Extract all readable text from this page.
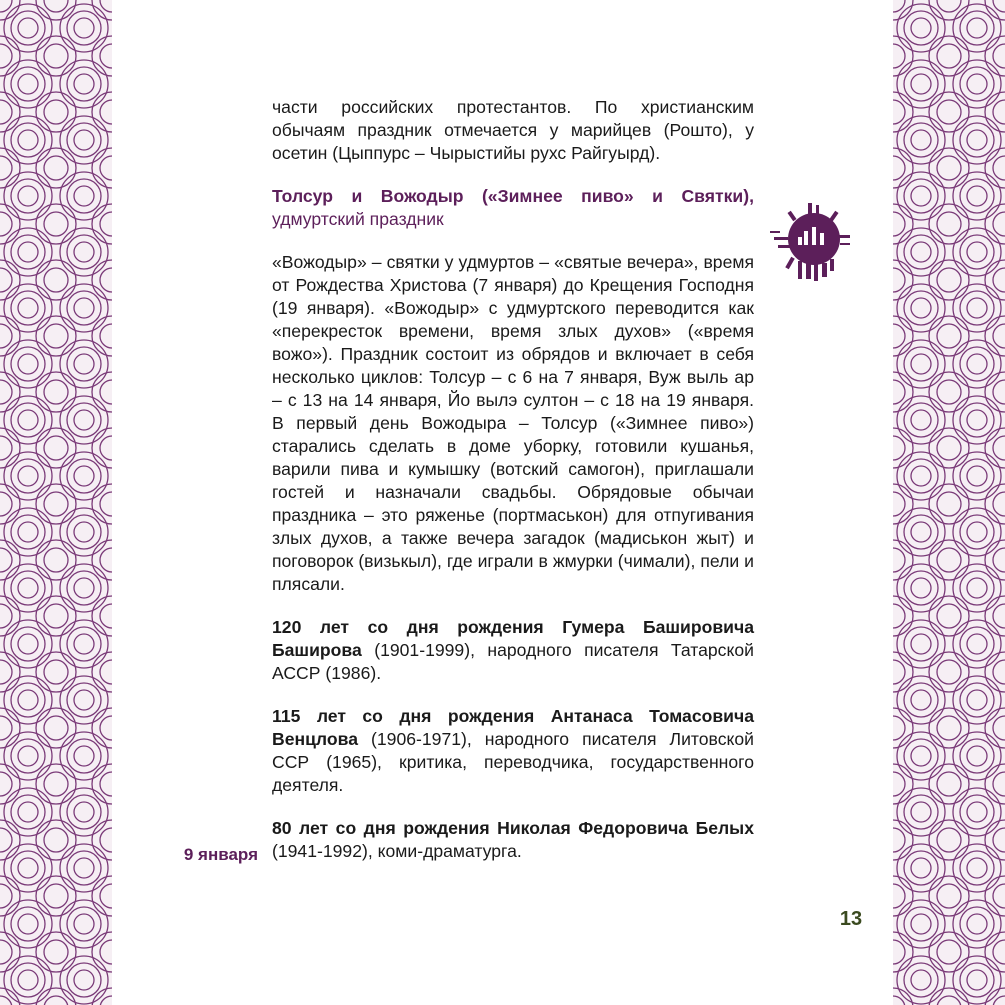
части российских протестантов. По христианским обычаям праздник отмечается у марийцев (Рошто), у осетин (Цыппурс – Чырыстийы рухс Райгуырд).

Толсур и Вожодыр («Зимнее пиво» и Святки), удмуртский праздник

«Вожодыр» – святки у удмуртов – «святые вечера», время от Рождества Христова (7 января) до Крещения Господня (19 января). «Вожодыр» с удмуртского переводится как «перекресток времени, время злых духов» («время вожо»). Праздник состоит из обрядов и включает в себя несколько циклов: Толсур – с 6 на 7 января, Вуж выль ар – с 13 на 14 января, Йо вылэ султон – с 18 на 19 января. В первый день Вожодыра – Толсур («Зимнее пиво») старались сделать в доме уборку, готовили кушанья, варили пива и кумышку (вотский самогон), приглашали гостей и назначали свадьбы. Обрядовые обычаи праздника – это ряженье (портмаськон) для отпугивания злых духов, а также вечера загадок (мадиськон жыт) и поговорок (визькыл), где играли в жмурки (чимали), пели и плясали.

120 лет со дня рождения Гумера Башировича Баширова (1901-1999), народного писателя Татарской АССР (1986).

115 лет со дня рождения Антанаса Томасовича Венцлова (1906-1971), народного писателя Литовской ССР (1965), критика, переводчика, государственного деятеля.

80 лет со дня рождения Николая Федоровича Белых (1941-1992), коми-драматурга.

9 января
13
